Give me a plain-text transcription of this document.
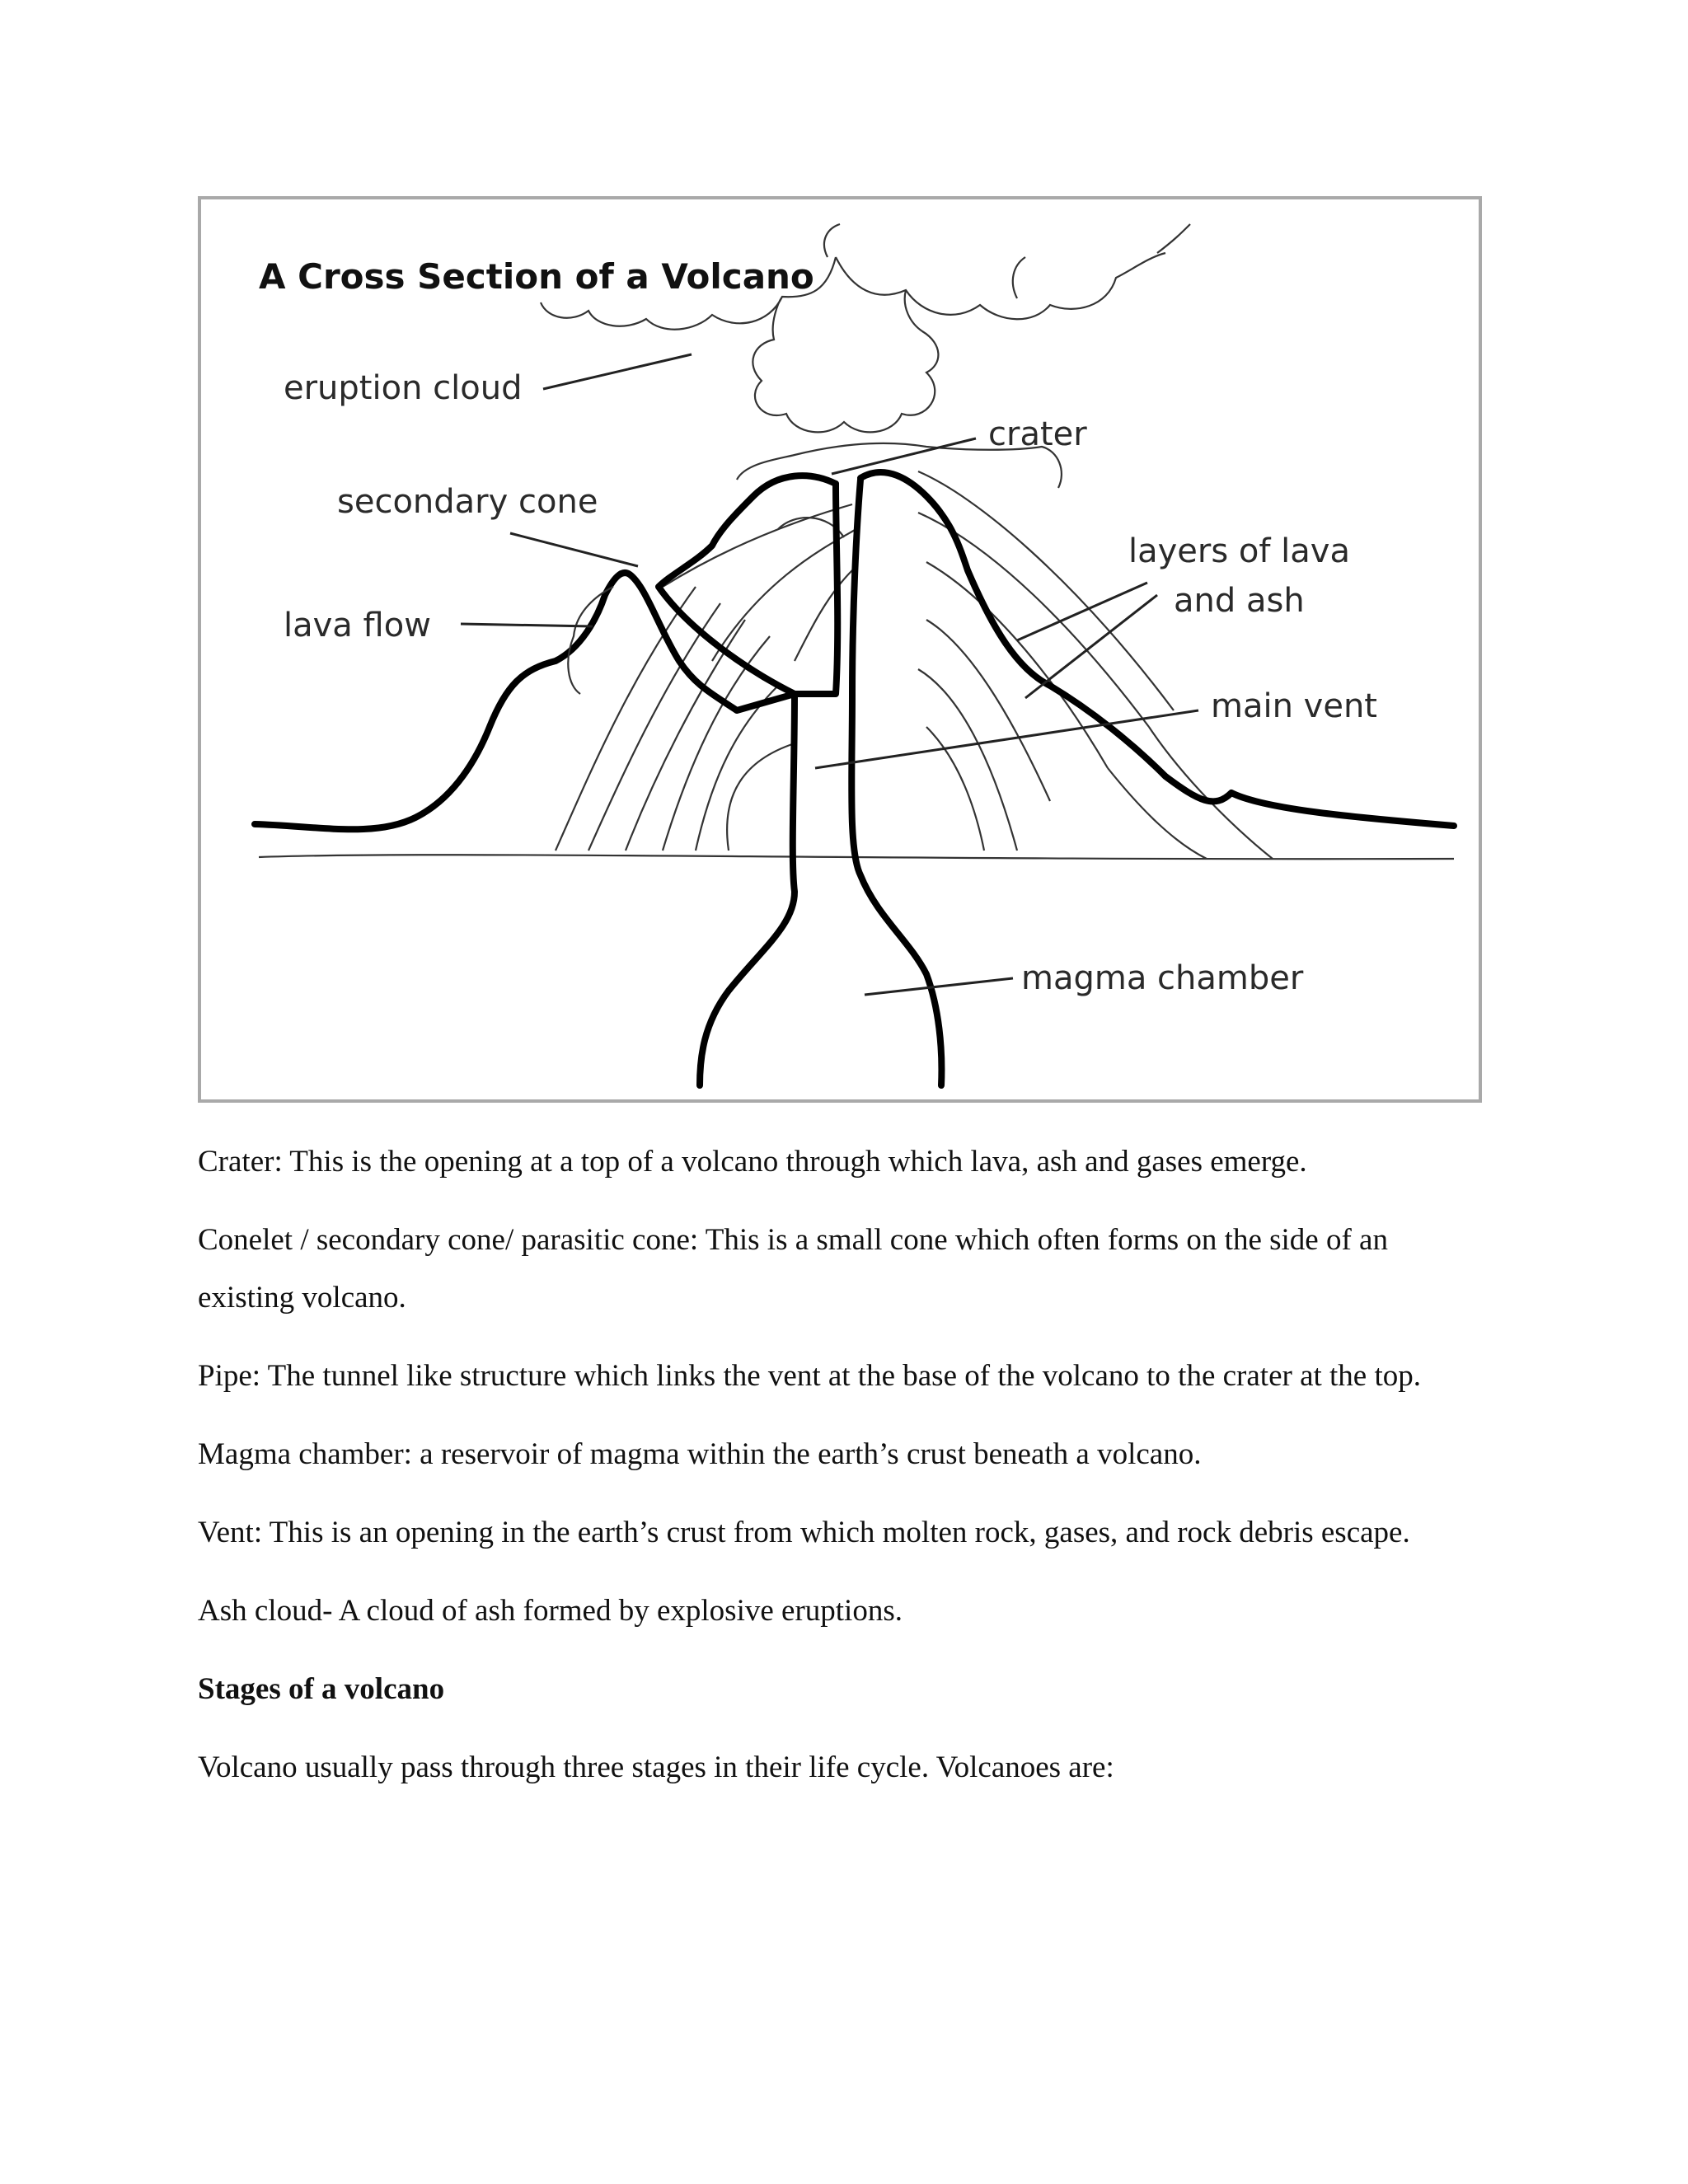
A Cross Section of a Volcano
eruption cloud
crater
secondary cone
layers of lava
and ash
lava flow
main vent
magma chamber

Crater: This is the opening at a top of a volcano through which lava, ash and gases emerge.

Conelet / secondary cone/ parasitic cone: This is a small cone which often forms on the side of an existing volcano.

Pipe: The tunnel like structure which links the vent at the base of the volcano to the crater at the top.

Magma chamber: a reservoir of magma within the earth’s crust beneath a volcano.

Vent: This is an opening in the earth’s crust from which molten rock, gases, and rock debris escape.

Ash cloud- A cloud of ash formed by explosive eruptions.

Stages of a volcano

Volcano usually pass through three stages in their life cycle. Volcanoes are:
